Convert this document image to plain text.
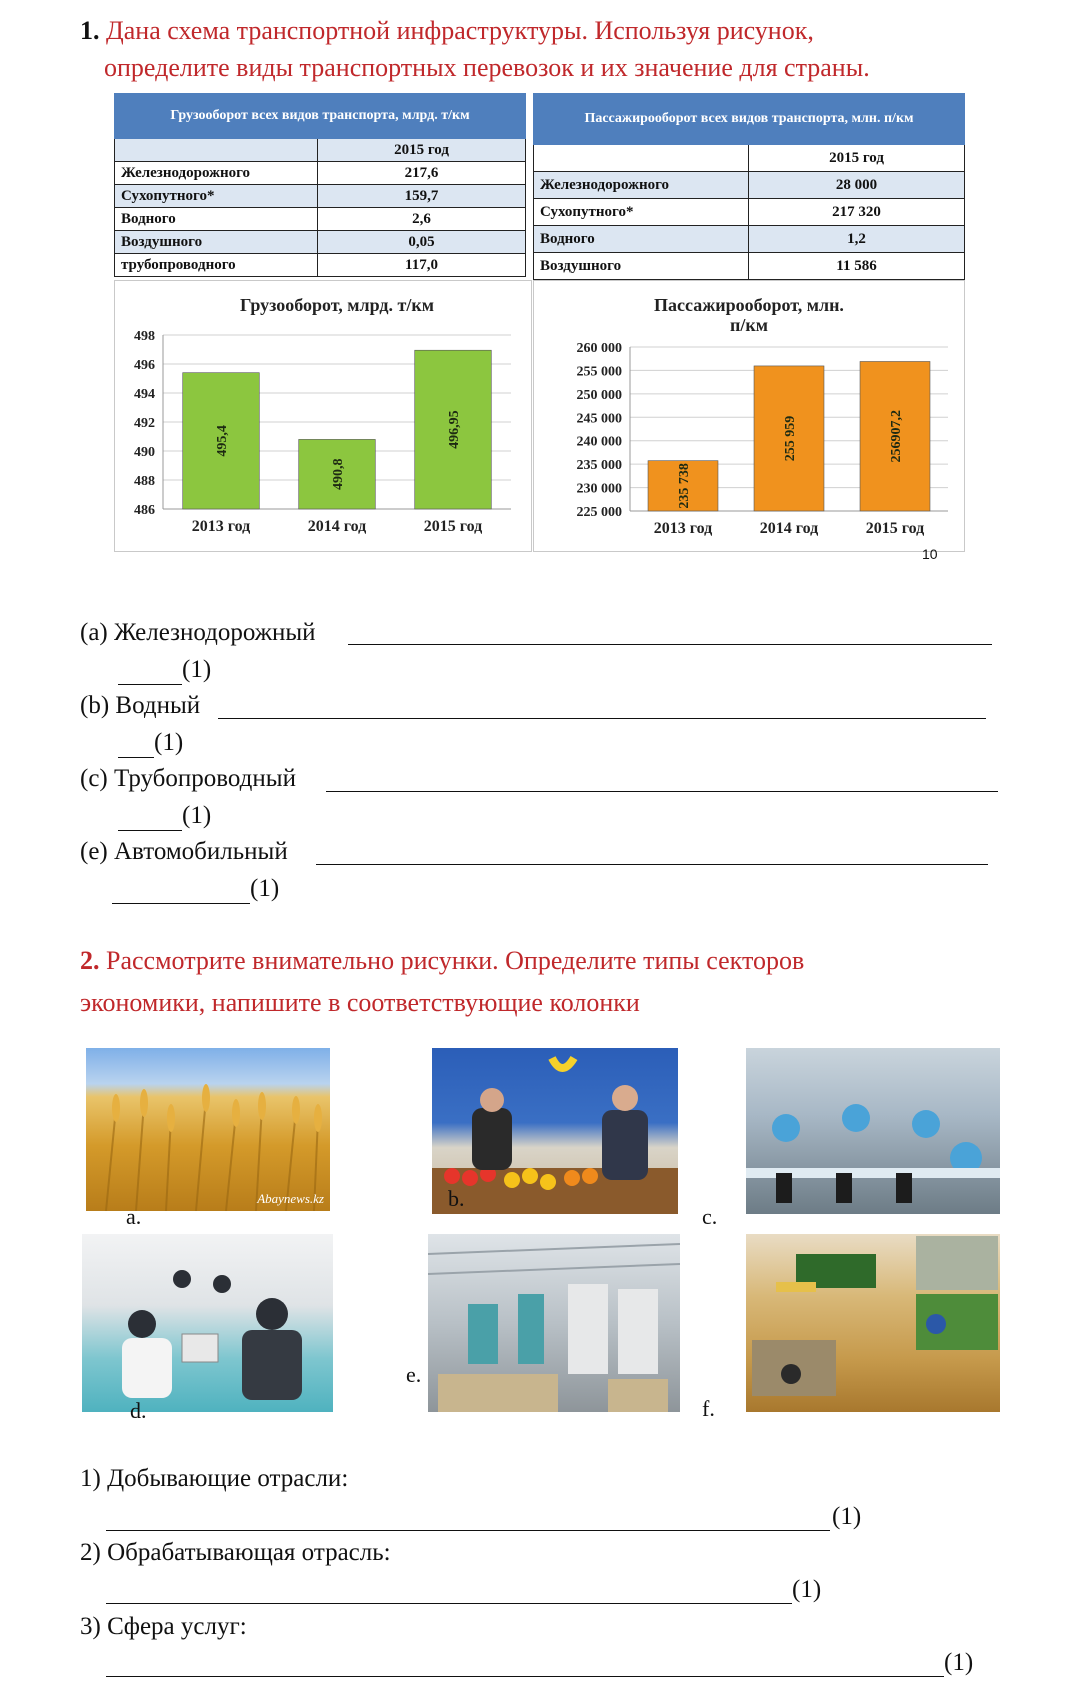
1. Дана схема транспортной инфраструктуры. Используя рисунок,
определите виды транспортных перевозок и их значение для страны.
Грузооборот всех видов транспорта, млрд. т/км	
	2015 год
Железнодорожного	217,6
Сухопутного*	159,7
Водного	2,6
Воздушного	0,05
трубопроводного	117,0
Пассажирооборот всех видов транспорта, млн. п/км	
	2015 год
Железнодорожного	28 000
Сухопутного*	217 320
Водного	1,2
Воздушного	11 586
Грузооборот, млрд. т/км
486
488
490
492
494
496
498
495,4
2013 год
490,8
2014 год
496,95
2015 год
Пассажирооборот, млн. п/км
225 000
230 000
235 000
240 000
245 000
250 000
255 000
260 000
235 738
2013 год
255 959
2014 год
256907,2
2015 год
10
(a) Железнодорожный
(1)
(b) Водный
(1)
(c) Трубопроводный
(1)
(e) Автомобильный
(1)
2. Рассмотрите внимательно рисунки. Определите типы секторов
экономики, напишите в соответствующие колонки
Abaynews.kz
a.
b.
c.
d.
e.
f.
1) Добывающие отрасли:
(1)
2) Обрабатывающая отрасль:
(1)
3) Сфера услуг:
(1)
